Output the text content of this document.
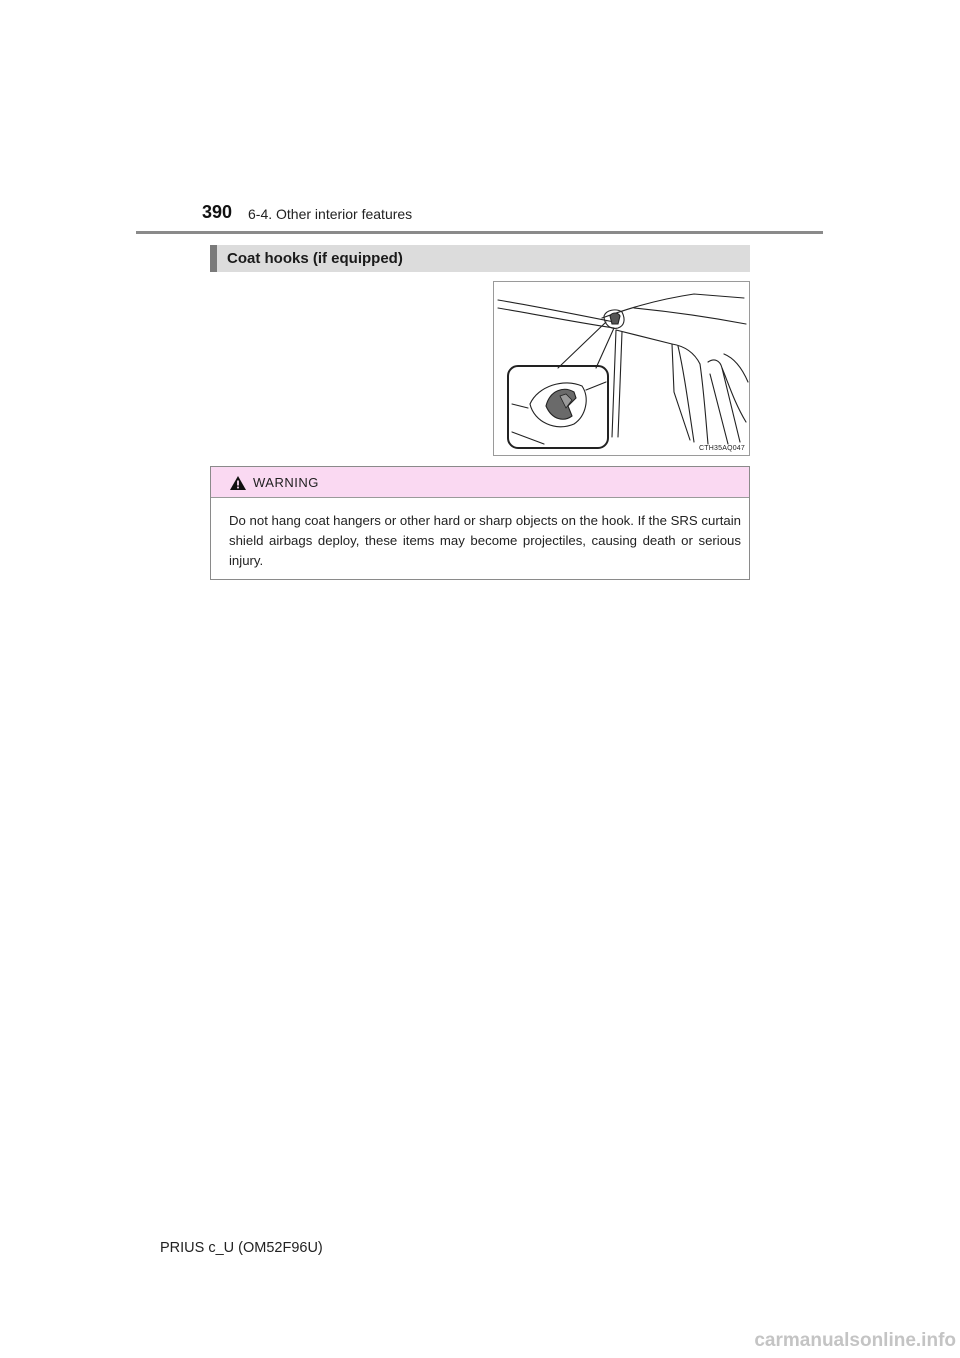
390 6-4. Other interior features
Coat hooks (if equipped)
CTH35AQ047
WARNING
Do not hang coat hangers or other hard or sharp objects on the hook. If the SRS curtain shield airbags deploy, these items may become projectiles, causing death or serious injury.
PRIUS c_U (OM52F96U)
carmanualsonline.info
